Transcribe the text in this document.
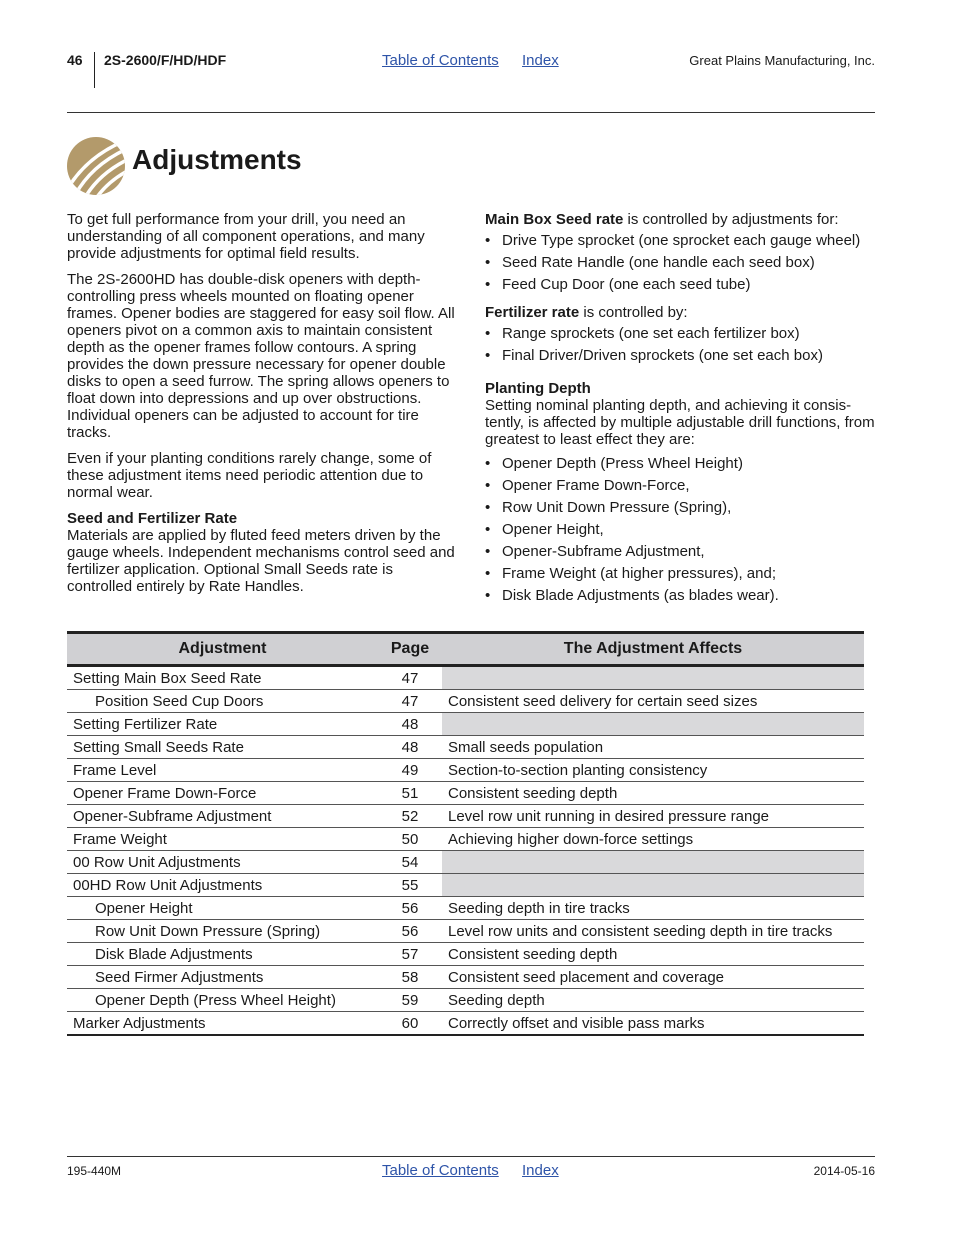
46 2S-2600/F/HD/HDF	Table of Contents Index	Great Plains Manufacturing, Inc.
Adjustments

To get full performance from your drill, you need an understanding of all component operations, and many provide adjustments for optimal field results.

The 2S-2600HD has double-disk openers with depth-controlling press wheels mounted on floating opener frames. Opener bodies are staggered for easy soil flow. All openers pivot on a common axis to maintain consistent depth as the opener frames follow contours. A spring provides the down pressure necessary for opener double disks to open a seed furrow. The spring allows openers to float down into depressions and up over obstructions. Individual openers can be adjusted to account for tire tracks.

Even if your planting conditions rarely change, some of these adjustment items need periodic attention due to normal wear.

Seed and Fertilizer Rate

Materials are applied by fluted feed meters driven by the gauge wheels. Independent mechanisms control seed and fertilizer application. Optional Small Seeds rate is controlled entirely by Rate Handles.

Main Box Seed rate is controlled by adjustments for:

• Drive Type sprocket (one sprocket each gauge wheel)
• Seed Rate Handle (one handle each seed box)
• Feed Cup Door (one each seed tube)

Fertilizer rate is controlled by:

• Range sprockets (one set each fertilizer box)
• Final Driver/Driven sprockets (one set each box)
Planting Depth

Setting nominal planting depth, and achieving it consis-tently, is affected by multiple adjustable drill functions, from greatest to least effect they are:

• Opener Depth (Press Wheel Height)
• Opener Frame Down-Force,
• Row Unit Down Pressure (Spring),
• Opener Height,
• Opener-Subframe Adjustment,
• Frame Weight (at higher pressures), and;
• Disk Blade Adjustments (as blades wear).
Adjustment	Page	The Adjustment Affects
Setting Main Box Seed Rate	47	
Position Seed Cup Doors	47	Consistent seed delivery for certain seed sizes
Setting Fertilizer Rate	48	
Setting Small Seeds Rate	48	Small seeds population
Frame Level	49	Section-to-section planting consistency
Opener Frame Down-Force	51	Consistent seeding depth
Opener-Subframe Adjustment	52	Level row unit running in desired pressure range
Frame Weight	50	Achieving higher down-force settings
00 Row Unit Adjustments	54	
00HD Row Unit Adjustments	55	
Opener Height	56	Seeding depth in tire tracks
Row Unit Down Pressure (Spring)	56	Level row units and consistent seeding depth in tire tracks
Disk Blade Adjustments	57	Consistent seeding depth
Seed Firmer Adjustments	58	Consistent seed placement and coverage
Opener Depth (Press Wheel Height)	59	Seeding depth
Marker Adjustments	60	Correctly offset and visible pass marks
195-440M	Table of Contents Index	2014-05-16
